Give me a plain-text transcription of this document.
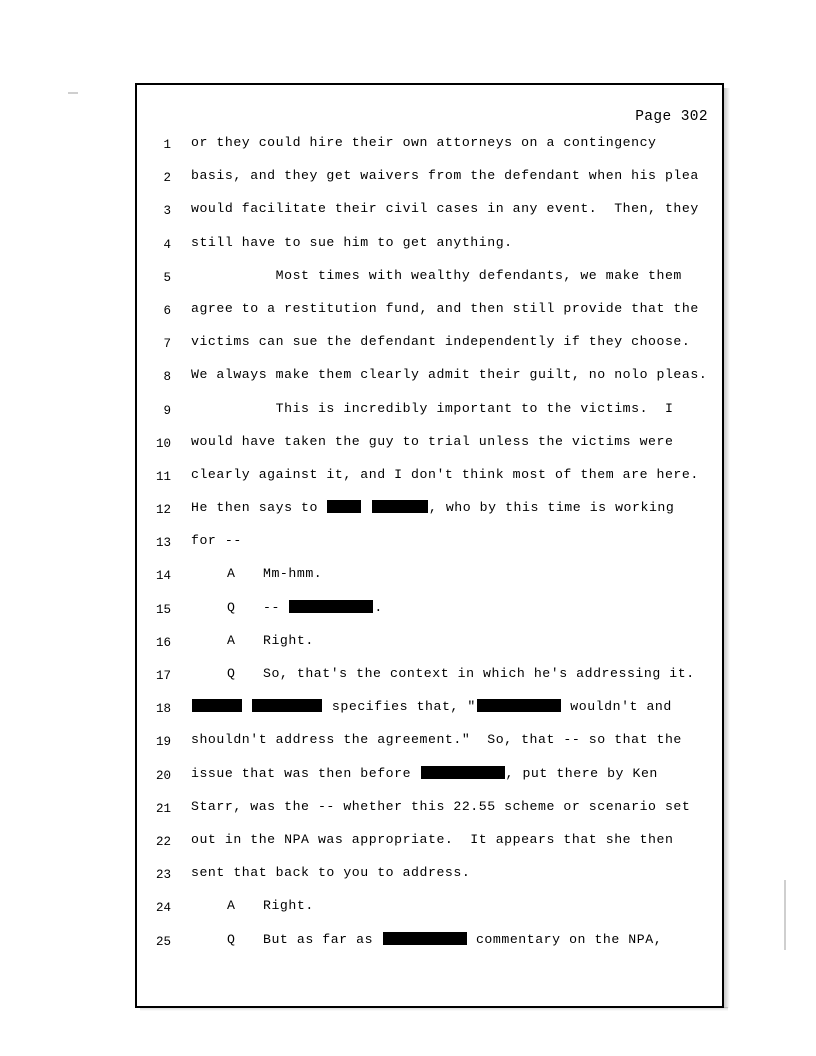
Page 302
1 or they could hire their own attorneys on a contingency
2 basis, and they get waivers from the defendant when his plea
3 would facilitate their civil cases in any event.  Then, they
4 still have to sue him to get anything.
5 Most times with wealthy defendants, we make them
6 agree to a restitution fund, and then still provide that the
7 victims can sue the defendant independently if they choose.
8 We always make them clearly admit their guilt, no nolo pleas.
9 This is incredibly important to the victims.  I
10 would have taken the guy to trial unless the victims were
11 clearly against it, and I don't think most of them are here.
12 He then says to	, who by this time is working
13 for --
14	A Mm-hmm.
15	Q --	.
16	A Right.
17	Q So, that's the context in which he's addressing it.
18	specifies that, "	wouldn't and
19 shouldn't address the agreement."  So, that -- so that the
20 issue that was then before	, put there by Ken
21 Starr, was the -- whether this 22.55 scheme or scenario set
22 out in the NPA was appropriate.  It appears that she then
23 sent that back to you to address.
24	A Right.
25	Q But as far as	commentary on the NPA,
